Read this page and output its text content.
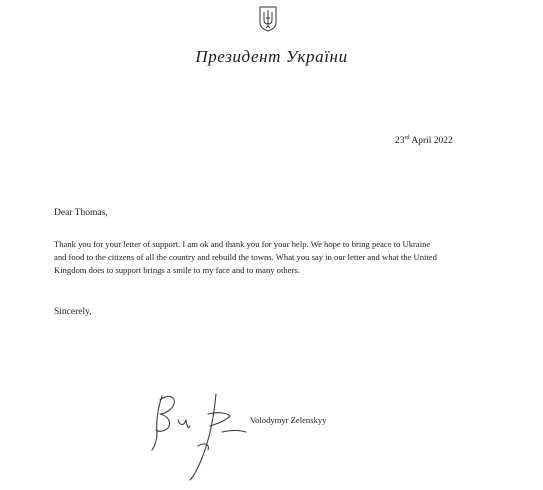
Президент України
23rd April 2022
Dear Thomas,
Thank you for your letter of support. I am ok and thank you for your help. We hope to bring peace to Ukraine
and food to the citizens of all the country and rebuild the towns. What you say in our letter and what the United
Kingdom does to support brings a smile to my face and to many others.
Sincerely,
Volodymyr Zelenskyy
